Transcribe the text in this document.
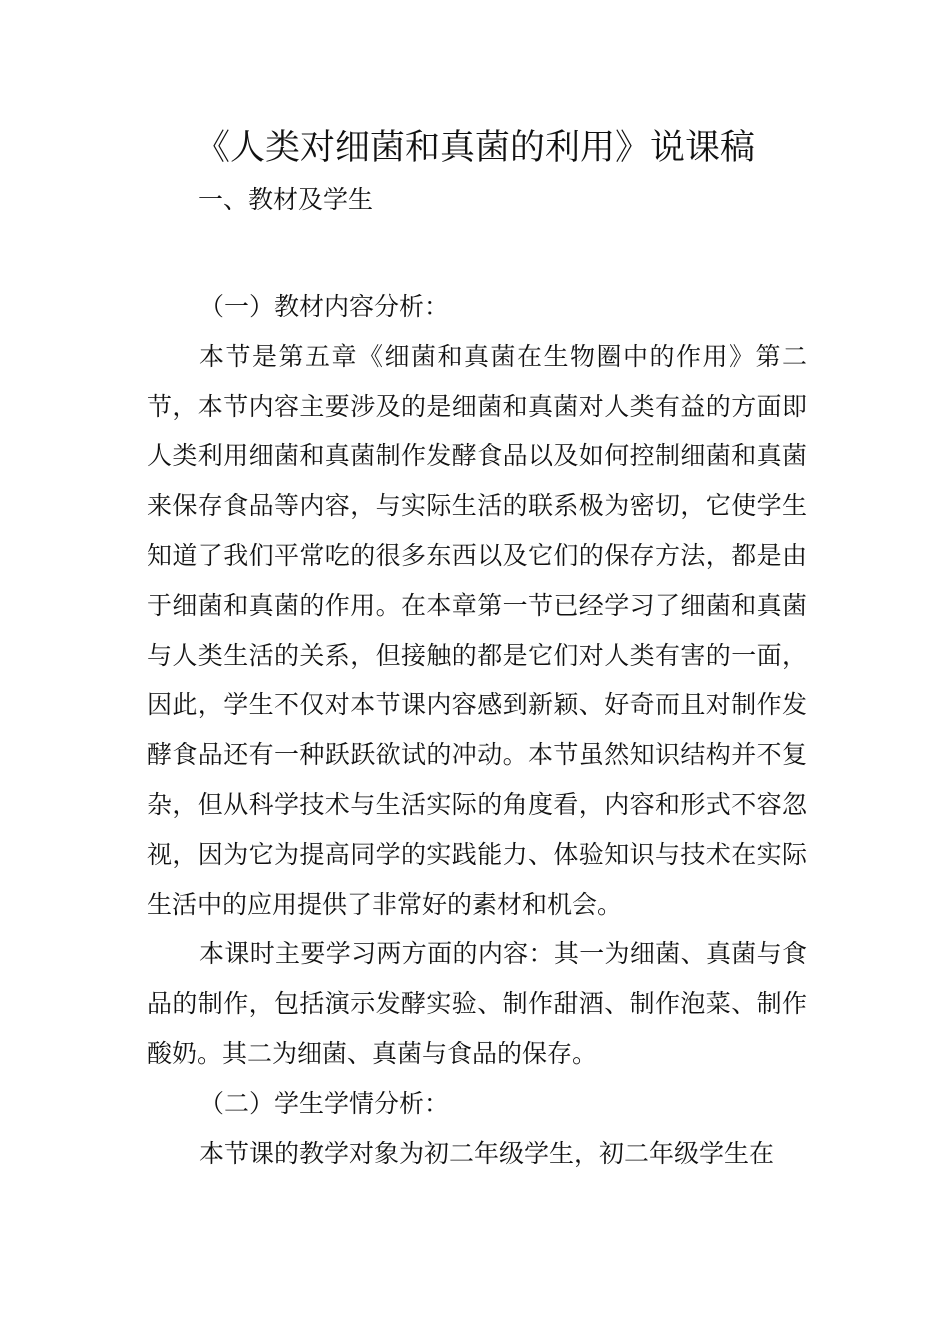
《人类对细菌和真菌的利用》说课稿

一、教材及学生

（一）教材内容分析：

本节是第五章《细菌和真菌在生物圈中的作用》第二节，本节内容主要涉及的是细菌和真菌对人类有益的方面即人类利用细菌和真菌制作发酵食品以及如何控制细菌和真菌来保存食品等内容，与实际生活的联系极为密切，它使学生知道了我们平常吃的很多东西以及它们的保存方法，都是由于细菌和真菌的作用。在本章第一节已经学习了细菌和真菌与人类生活的关系，但接触的都是它们对人类有害的一面，因此，学生不仅对本节课内容感到新颖、好奇而且对制作发酵食品还有一种跃跃欲试的冲动。本节虽然知识结构并不复杂，但从科学技术与生活实际的角度看，内容和形式不容忽视，因为它为提高同学的实践能力、体验知识与技术在实际生活中的应用提供了非常好的素材和机会。

本课时主要学习两方面的内容：其一为细菌、真菌与食品的制作，包括演示发酵实验、制作甜酒、制作泡菜、制作酸奶。其二为细菌、真菌与食品的保存。

（二）学生学情分析：

本节课的教学对象为初二年级学生，初二年级学生在
